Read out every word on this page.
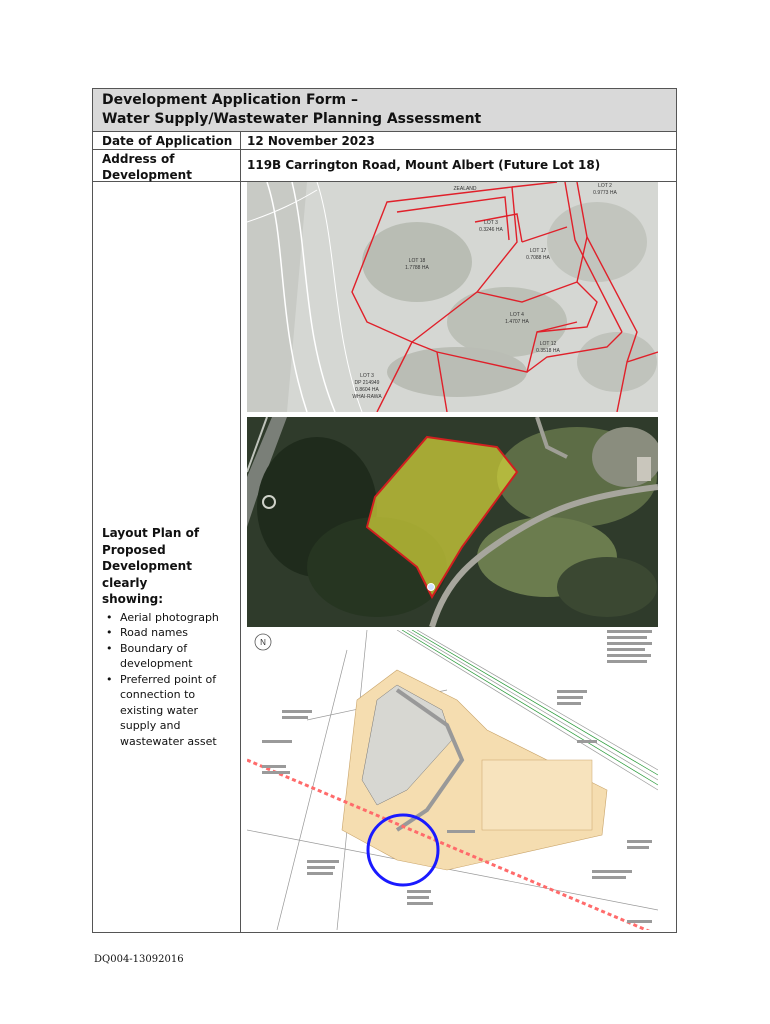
Development Application Form –
Water Supply/Wastewater Planning Assessment
Date of Application	12 November 2023
Address of
Development
119B Carrington Road, Mount Albert (Future Lot 18)
Layout Plan of
Proposed
Development clearly
showing:
• Aerial photograph
• Road names
• Boundary of
development
• Preferred point of
connection to
existing water
supply and
wastewater asset
ZEALAND	LOT 2
0.9773 HA
LOT 3
0.3246 HA
LOT 18
1.7788 HA
LOT 17
0.7088 HA
LOT 4
1.4707 HA
LOT 12
0.3518 HA
LOT 3
DP 214949
0.8604 HA
WHAI-RAWA
N
DQ004-13092016
